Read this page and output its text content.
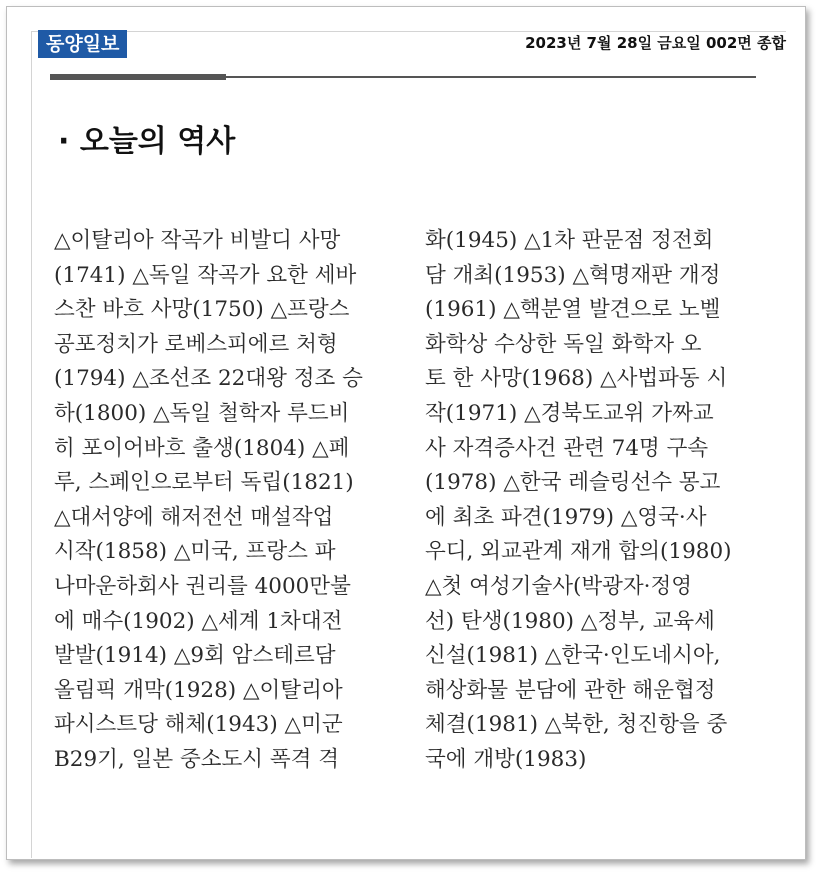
동양일보	2023년 7월 28일 금요일 002면 종합
· 오늘의 역사
△이탈리아 작곡가 비발디 사망
(1741) △독일 작곡가 요한 세바
스찬 바흐 사망(1750) △프랑스
공포정치가 로베스피에르 처형
(1794) △조선조 22대왕 정조 승
하(1800) △독일 철학자 루드비
히 포이어바흐 출생(1804) △페
루, 스페인으로부터 독립(1821)
△대서양에 해저전선 매설작업
시작(1858) △미국, 프랑스 파
나마운하회사 권리를 4000만불
에 매수(1902) △세계 1차대전
발발(1914) △9회 암스테르담
올림픽 개막(1928) △이탈리아
파시스트당 해체(1943) △미군
B29기, 일본 중소도시 폭격 격
화(1945) △1차 판문점 정전회
담 개최(1953) △혁명재판 개정
(1961) △핵분열 발견으로 노벨
화학상 수상한 독일 화학자 오
토 한 사망(1968) △사법파동 시
작(1971) △경북도교위 가짜교
사 자격증사건 관련 74명 구속
(1978) △한국 레슬링선수 몽고
에 최초 파견(1979) △영국·사
우디, 외교관계 재개 합의(1980)
△첫 여성기술사(박광자·정영
선) 탄생(1980) △정부, 교육세
신설(1981) △한국·인도네시아,
해상화물 분담에 관한 해운협정
체결(1981) △북한, 청진항을 중
국에 개방(1983)
